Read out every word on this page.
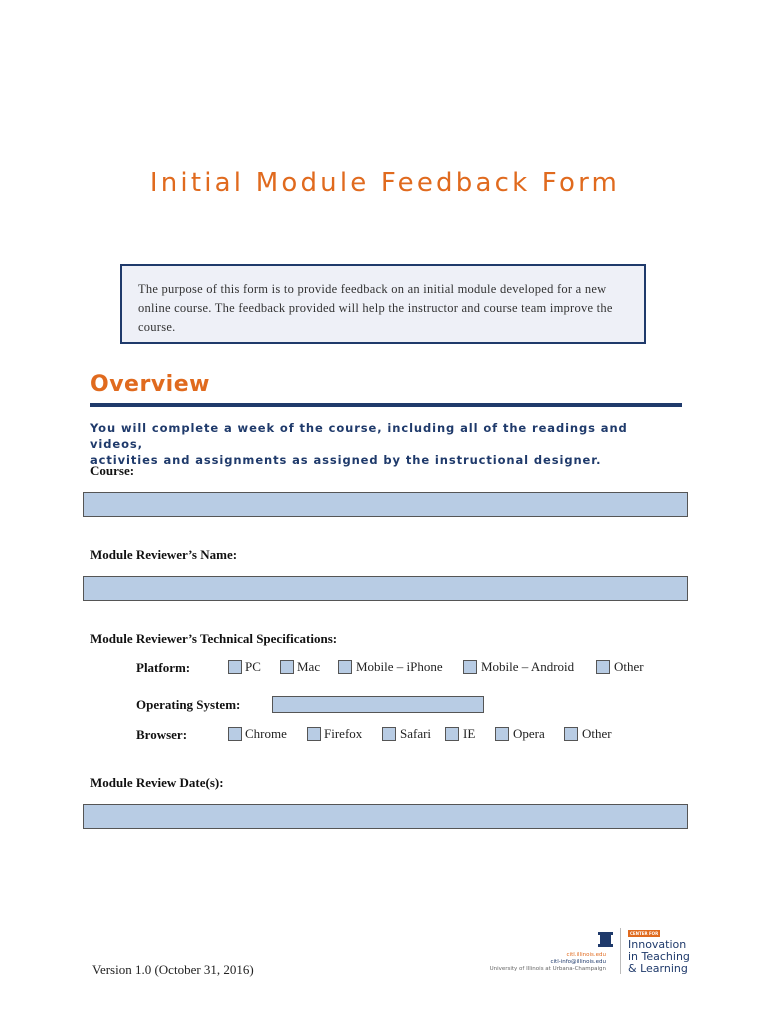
Initial Module Feedback Form
The purpose of this form is to provide feedback on an initial module developed for a new
online course. The feedback provided will help the instructor and course team improve the
course.
Overview
You will complete a week of the course, including all of the readings and videos,
activities and assignments as assigned by the instructional designer.
Course:
Module Reviewer’s Name:
Module Reviewer’s Technical Specifications:
Platform:	PC	Mac	Mobile – iPhone	Mobile – Android	Other
Operating System:
Browser:	Chrome	Firefox	Safari IE	Opera	Other
Module Review Date(s):
Version 1.0 (October 31, 2016)
citl.illinois.edu
citl-info@illinois.edu
University of Illinois at Urbana-Champaign
CENTER FOR
Innovation
in Teaching
& Learning
